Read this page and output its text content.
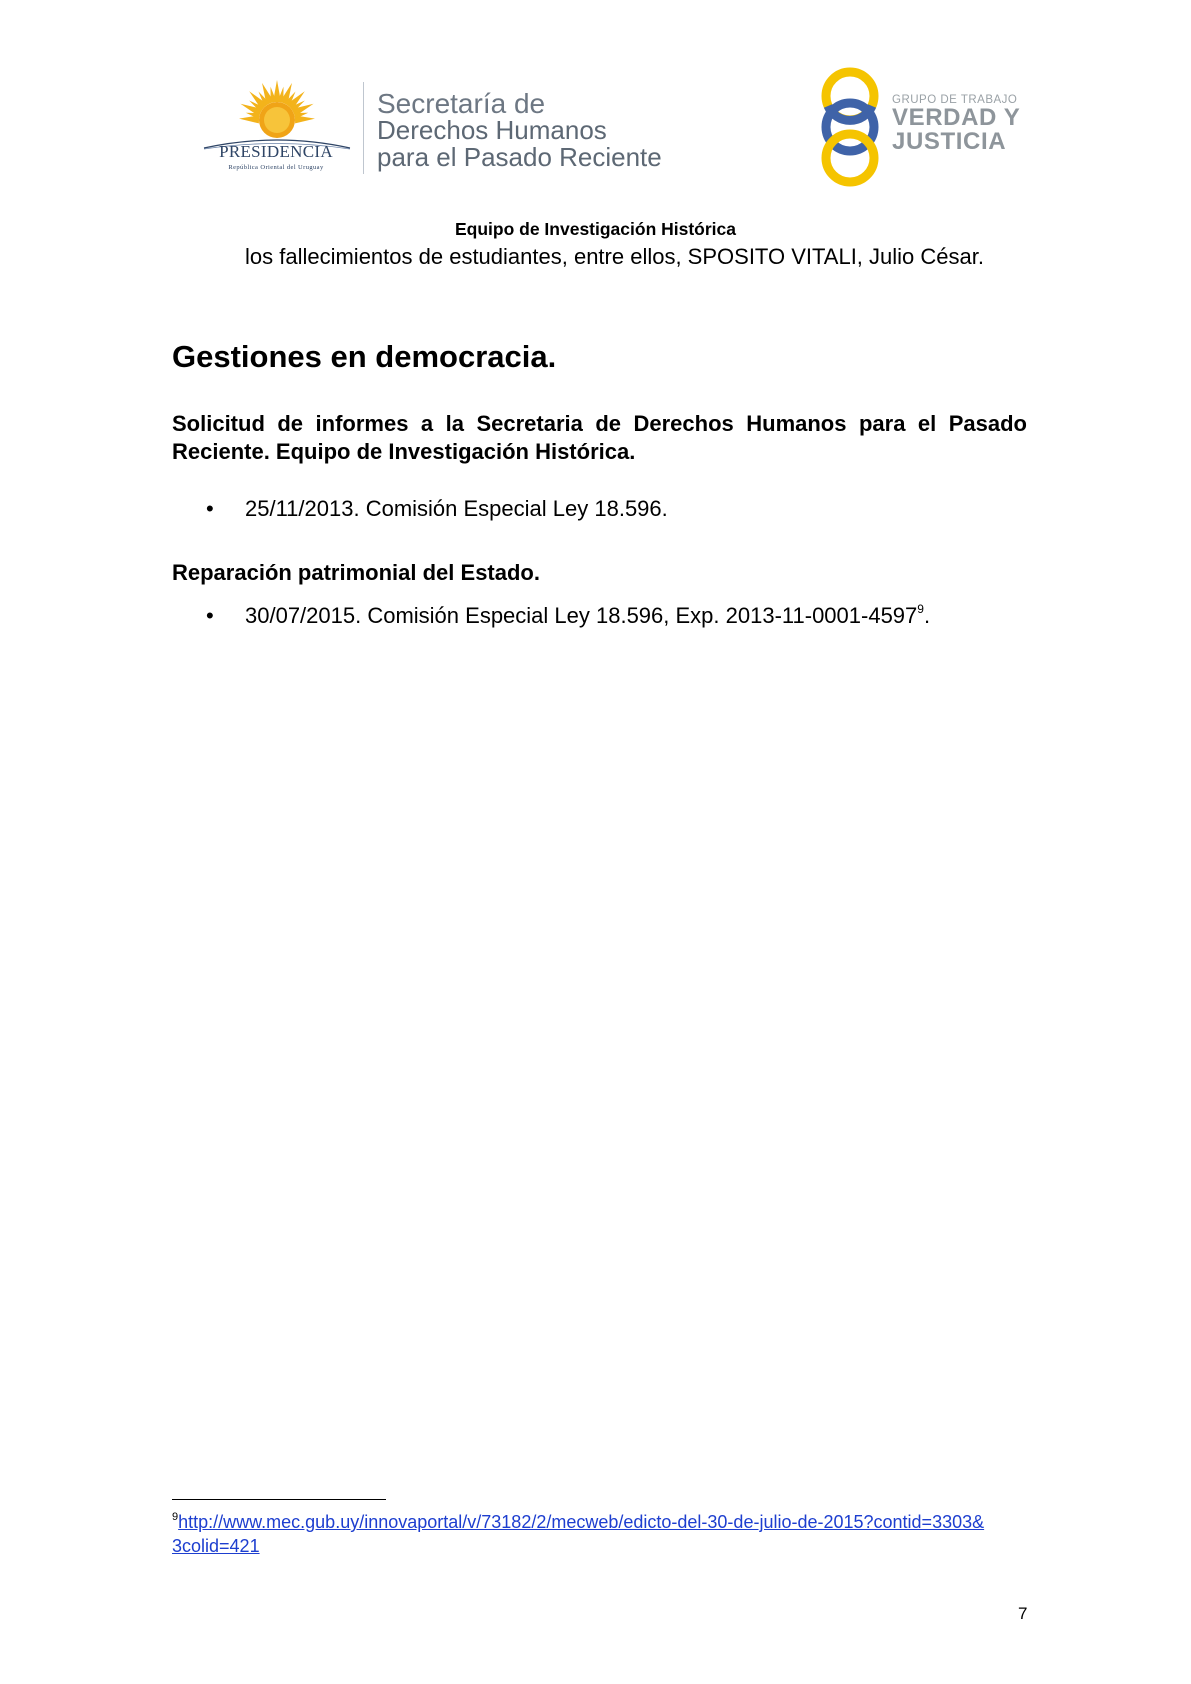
PRESIDENCIA
República Oriental del Uruguay
Secretaría de
Derechos Humanos
para el Pasado Reciente
GRUPO DE TRABAJO
VERDAD Y
JUSTICIA
Equipo de Investigación Histórica
los fallecimientos de estudiantes, entre ellos, SPOSITO VITALI, Julio César.
Gestiones en democracia.
Solicitud de informes a la Secretaria de Derechos Humanos para el Pasado Reciente. Equipo de Investigación Histórica.
• 25/11/2013. Comisión Especial Ley 18.596.
Reparación patrimonial del Estado.
• 30/07/2015. Comisión Especial Ley 18.596, Exp. 2013-11-0001-4597$^9$.
$^9$http://www.mec.gub.uy/innovaportal/v/73182/2/mecweb/edicto-del-30-de-julio-de-2015?contid=3303&3colid=421
7
